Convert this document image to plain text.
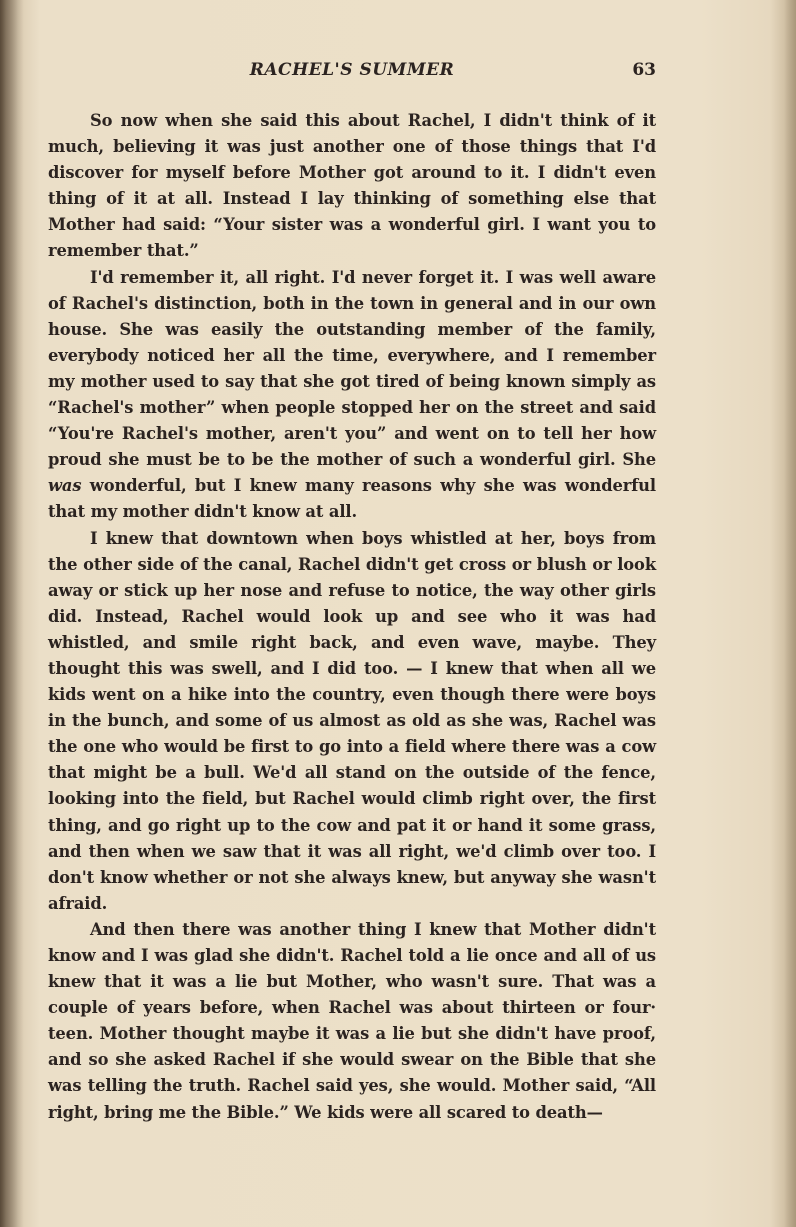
RACHEL'S SUMMER	63

So now when she said this about Rachel, I didn't think of it much, believing it was just another one of those things that I'd discover for myself before Mother got around to it. I didn't even thing of it at all. Instead I lay thinking of something else that Mother had said: “Your sister was a wonderful girl. I want you to remember that.”

I'd remember it, all right. I'd never forget it. I was well aware of Rachel's distinction, both in the town in general and in our own house. She was easily the outstanding member of the family, everybody noticed her all the time, everywhere, and I remember my mother used to say that she got tired of being known simply as “Rachel's mother” when people stopped her on the street and said “You're Rachel's mother, aren't you” and went on to tell her how proud she must be to be the mother of such a wonderful girl. She was wonderful, but I knew many reasons why she was wonderful that my mother didn't know at all.

I knew that downtown when boys whistled at her, boys from the other side of the canal, Rachel didn't get cross or blush or look away or stick up her nose and refuse to notice, the way other girls did. Instead, Rachel would look up and see who it was had whistled, and smile right back, and even wave, maybe. They thought this was swell, and I did too. — I knew that when all we kids went on a hike into the country, even though there were boys in the bunch, and some of us almost as old as she was, Rachel was the one who would be first to go into a field where there was a cow that might be a bull. We'd all stand on the outside of the fence, looking into the field, but Rachel would climb right over, the first thing, and go right up to the cow and pat it or hand it some grass, and then when we saw that it was all right, we'd climb over too. I don't know whether or not she always knew, but anyway she wasn't afraid.

And then there was another thing I knew that Mother didn't know and I was glad she didn't. Rachel told a lie once and all of us knew that it was a lie but Mother, who wasn't sure. That was a couple of years before, when Rachel was about thirteen or four· teen. Mother thought maybe it was a lie but she didn't have proof, and so she asked Rachel if she would swear on the Bible that she was telling the truth. Rachel said yes, she would. Mother said, “All right, bring me the Bible.” We kids were all scared to death—
